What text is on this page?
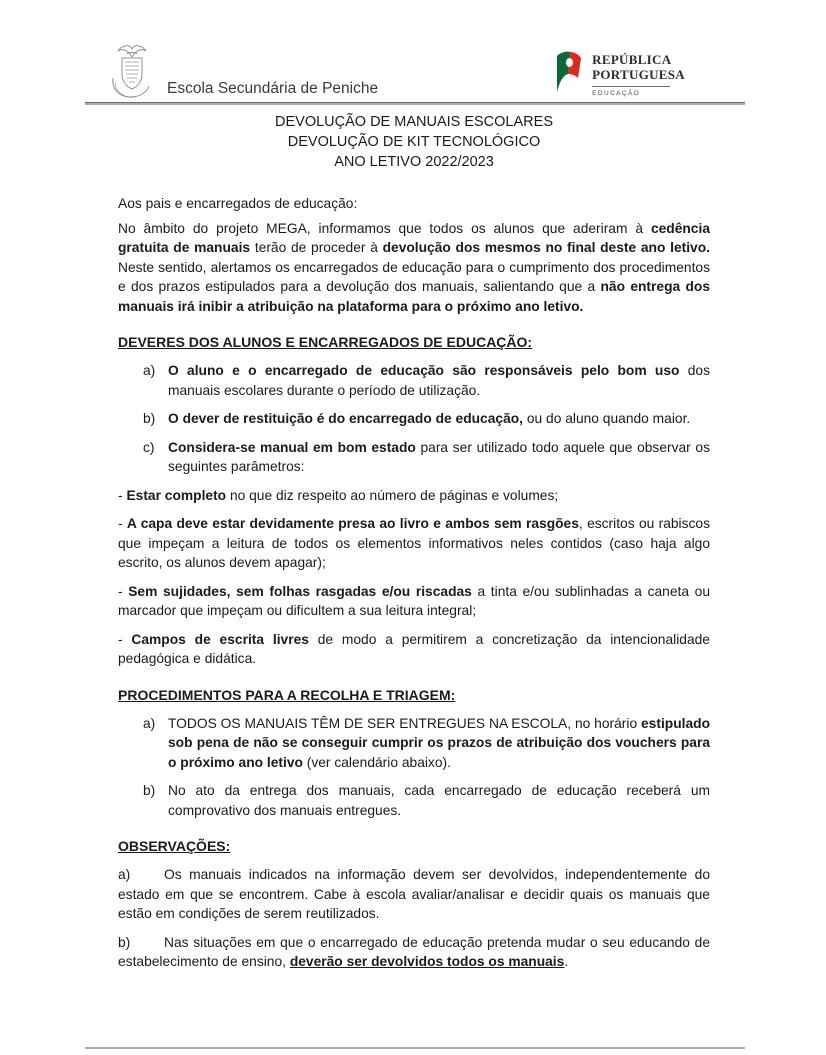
Escola Secundária de Peniche
REPÚBLICA
PORTUGUESA
EDUCAÇÃO
DEVOLUÇÃO DE MANUAIS ESCOLARES
DEVOLUÇÃO DE KIT TECNOLÓGICO
ANO LETIVO 2022/2023

Aos pais e encarregados de educação:

No âmbito do projeto MEGA, informamos que todos os alunos que aderiram à cedência gratuita de manuais terão de proceder à devolução dos mesmos no final deste ano letivo. Neste sentido, alertamos os encarregados de educação para o cumprimento dos procedimentos e dos prazos estipulados para a devolução dos manuais, salientando que a não entrega dos manuais irá inibir a atribuição na plataforma para o próximo ano letivo.

DEVERES DOS ALUNOS E ENCARREGADOS DE EDUCAÇÃO:
a) O aluno e o encarregado de educação são responsáveis pelo bom uso dos manuais escolares durante o período de utilização.
b) O dever de restituição é do encarregado de educação, ou do aluno quando maior.
c) Considera-se manual em bom estado para ser utilizado todo aquele que observar os seguintes parâmetros:

- Estar completo no que diz respeito ao número de páginas e volumes;

- A capa deve estar devidamente presa ao livro e ambos sem rasgões, escritos ou rabiscos que impeçam a leitura de todos os elementos informativos neles contidos (caso haja algo escrito, os alunos devem apagar);

- Sem sujidades, sem folhas rasgadas e/ou riscadas a tinta e/ou sublinhadas a caneta ou marcador que impeçam ou dificultem a sua leitura integral;

- Campos de escrita livres de modo a permitirem a concretização da intencionalidade pedagógica e didática.

PROCEDIMENTOS PARA A RECOLHA E TRIAGEM:
a) TODOS OS MANUAIS TÊM DE SER ENTREGUES NA ESCOLA, no horário estipulado sob pena de não se conseguir cumprir os prazos de atribuição dos vouchers para o próximo ano letivo (ver calendário abaixo).
b) No ato da entrega dos manuais, cada encarregado de educação receberá um comprovativo dos manuais entregues.
OBSERVAÇÕES:

a) Os manuais indicados na informação devem ser devolvidos, independentemente do estado em que se encontrem. Cabe à escola avaliar/analisar e decidir quais os manuais que estão em condições de serem reutilizados.

b) Nas situações em que o encarregado de educação pretenda mudar o seu educando de estabelecimento de ensino, deverão ser devolvidos todos os manuais.
